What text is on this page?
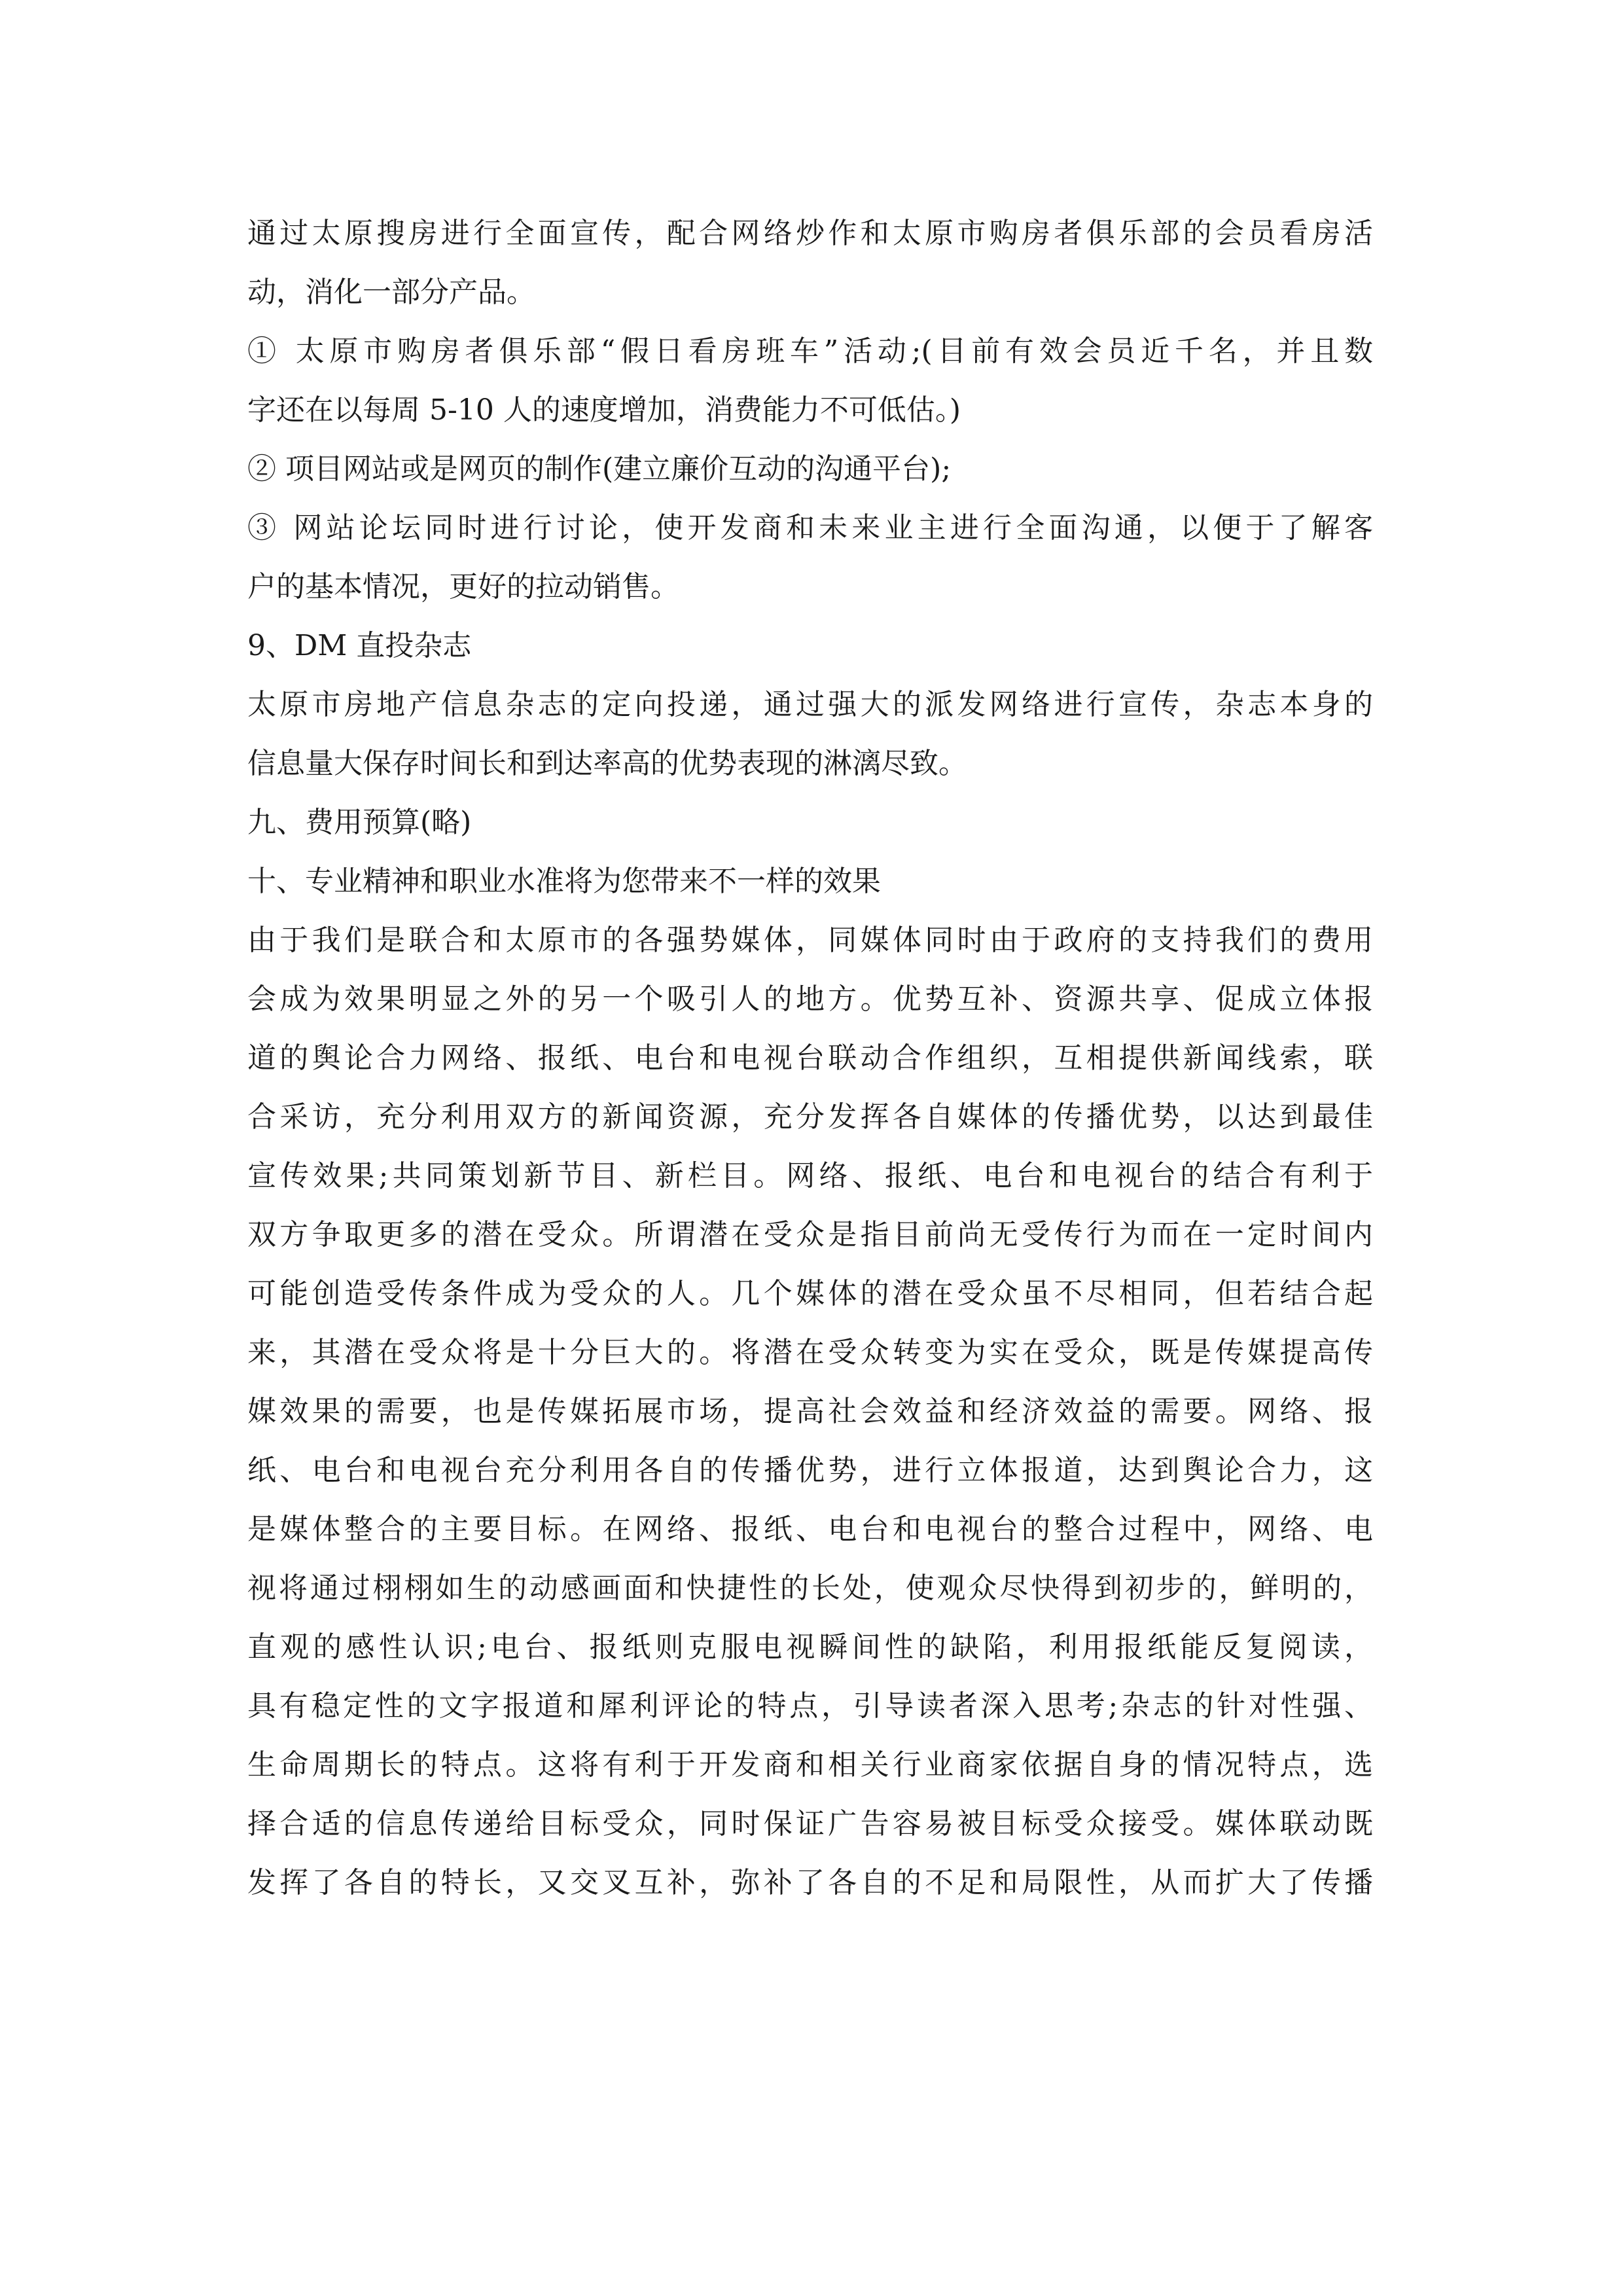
通过太原搜房进行全面宣传，配合网络炒作和太原市购房者俱乐部的会员看房活
动，消化一部分产品。
① 太原市购房者俱乐部“假日看房班车”活动;(目前有效会员近千名，并且数
字还在以每周 5-10 人的速度增加，消费能力不可低估。)
② 项目网站或是网页的制作(建立廉价互动的沟通平台);
③ 网站论坛同时进行讨论，使开发商和未来业主进行全面沟通，以便于了解客
户的基本情况，更好的拉动销售。
9、DM 直投杂志
太原市房地产信息杂志的定向投递，通过强大的派发网络进行宣传，杂志本身的
信息量大保存时间长和到达率高的优势表现的淋漓尽致。
九、费用预算(略)
十、专业精神和职业水准将为您带来不一样的效果
由于我们是联合和太原市的各强势媒体，同媒体同时由于政府的支持我们的费用
会成为效果明显之外的另一个吸引人的地方。优势互补、资源共享、促成立体报
道的舆论合力网络、报纸、电台和电视台联动合作组织，互相提供新闻线索，联
合采访，充分利用双方的新闻资源，充分发挥各自媒体的传播优势，以达到最佳
宣传效果;共同策划新节目、新栏目。网络、报纸、电台和电视台的结合有利于
双方争取更多的潜在受众。所谓潜在受众是指目前尚无受传行为而在一定时间内
可能创造受传条件成为受众的人。几个媒体的潜在受众虽不尽相同，但若结合起
来，其潜在受众将是十分巨大的。将潜在受众转变为实在受众，既是传媒提高传
媒效果的需要，也是传媒拓展市场，提高社会效益和经济效益的需要。网络、报
纸、电台和电视台充分利用各自的传播优势，进行立体报道，达到舆论合力，这
是媒体整合的主要目标。在网络、报纸、电台和电视台的整合过程中，网络、电
视将通过栩栩如生的动感画面和快捷性的长处，使观众尽快得到初步的，鲜明的，
直观的感性认识;电台、报纸则克服电视瞬间性的缺陷，利用报纸能反复阅读，
具有稳定性的文字报道和犀利评论的特点，引导读者深入思考;杂志的针对性强、
生命周期长的特点。这将有利于开发商和相关行业商家依据自身的情况特点，选
择合适的信息传递给目标受众，同时保证广告容易被目标受众接受。媒体联动既
发挥了各自的特长，又交叉互补，弥补了各自的不足和局限性，从而扩大了传播
